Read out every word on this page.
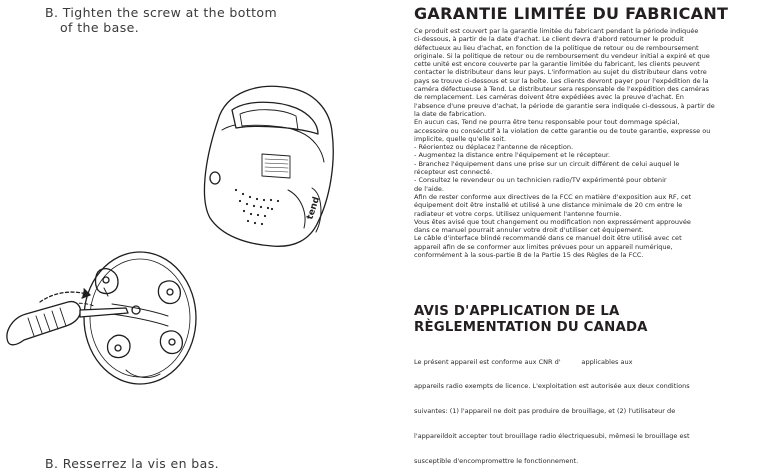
B. Tighten the screw at the bottom
of the base.
tend
GARANTIE LIMITÉE DU FABRICANT

Ce produit est couvert par la garantie limitée du fabricant pendant la période indiquée

ci-dessous, à partir de la date d'achat. Le client devra d'abord retourner le produit

défectueux au lieu d'achat, en fonction de la politique de retour ou de remboursement

originale. Si la politique de retour ou de remboursement du vendeur initial a expiré et que

cette unité est encore couverte par la garantie limitée du fabricant, les clients peuvent

contacter le distributeur dans leur pays. L'information au sujet du distributeur dans votre

pays se trouve ci-dessous et sur la boîte. Les clients devront payer pour l'expédition de la

caméra défectueuse à Tend. Le distributeur sera responsable de l'expédition des caméras

de remplacement. Les caméras doivent être expédiées avec la preuve d'achat. En

l'absence d'une preuve d'achat, la période de garantie sera indiquée ci-dessous, à partir de

la date de fabrication.

En aucun cas, Tend ne pourra être tenu responsable pour tout dommage spécial,

accessoire ou consécutif à la violation de cette garantie ou de toute garantie, expresse ou

implicite, quelle qu'elle soit.

- Réorientez ou déplacez l'antenne de réception.

- Augmentez la distance entre l'équipement et le récepteur.

- Branchez l'équipement dans une prise sur un circuit différent de celui auquel le

récepteur est connecté.

- Consultez le revendeur ou un technicien radio/TV expérimenté pour obtenir

de l'aide.

Afin de rester conforme aux directives de la FCC en matière d'exposition aux RF, cet

équipement doit être installé et utilisé à une distance minimale de 20 cm entre le

radiateur et votre corps. Utilisez uniquement l'antenne fournie.

Vous êtes avisé que tout changement ou modification non expressément approuvée

dans ce manuel pourrait annuler votre droit d'utiliser cet équipement.

Le câble d'interface blindé recommandé dans ce manuel doit être utilisé avec cet

appareil afin de se conformer aux limites prévues pour un appareil numérique,

conformément à la sous-partie B de la Partie 15 des Règles de la FCC.

AVIS D'APPLICATION DE LA
RÈGLEMENTATION DU CANADA

Le présent appareil est conforme aux CNR d'          applicables aux

appareils radio exempts de licence. L'exploitation est autorisée aux deux conditions

suivantes: (1) l'appareil ne doit pas produire de brouillage, et (2) l'utilisateur de

l'appareildoit accepter tout brouillage radio électriquesubi, mêmesi le brouillage est

susceptible d'encompromettre le fonctionnement.

B. Resserrez la vis en bas.
